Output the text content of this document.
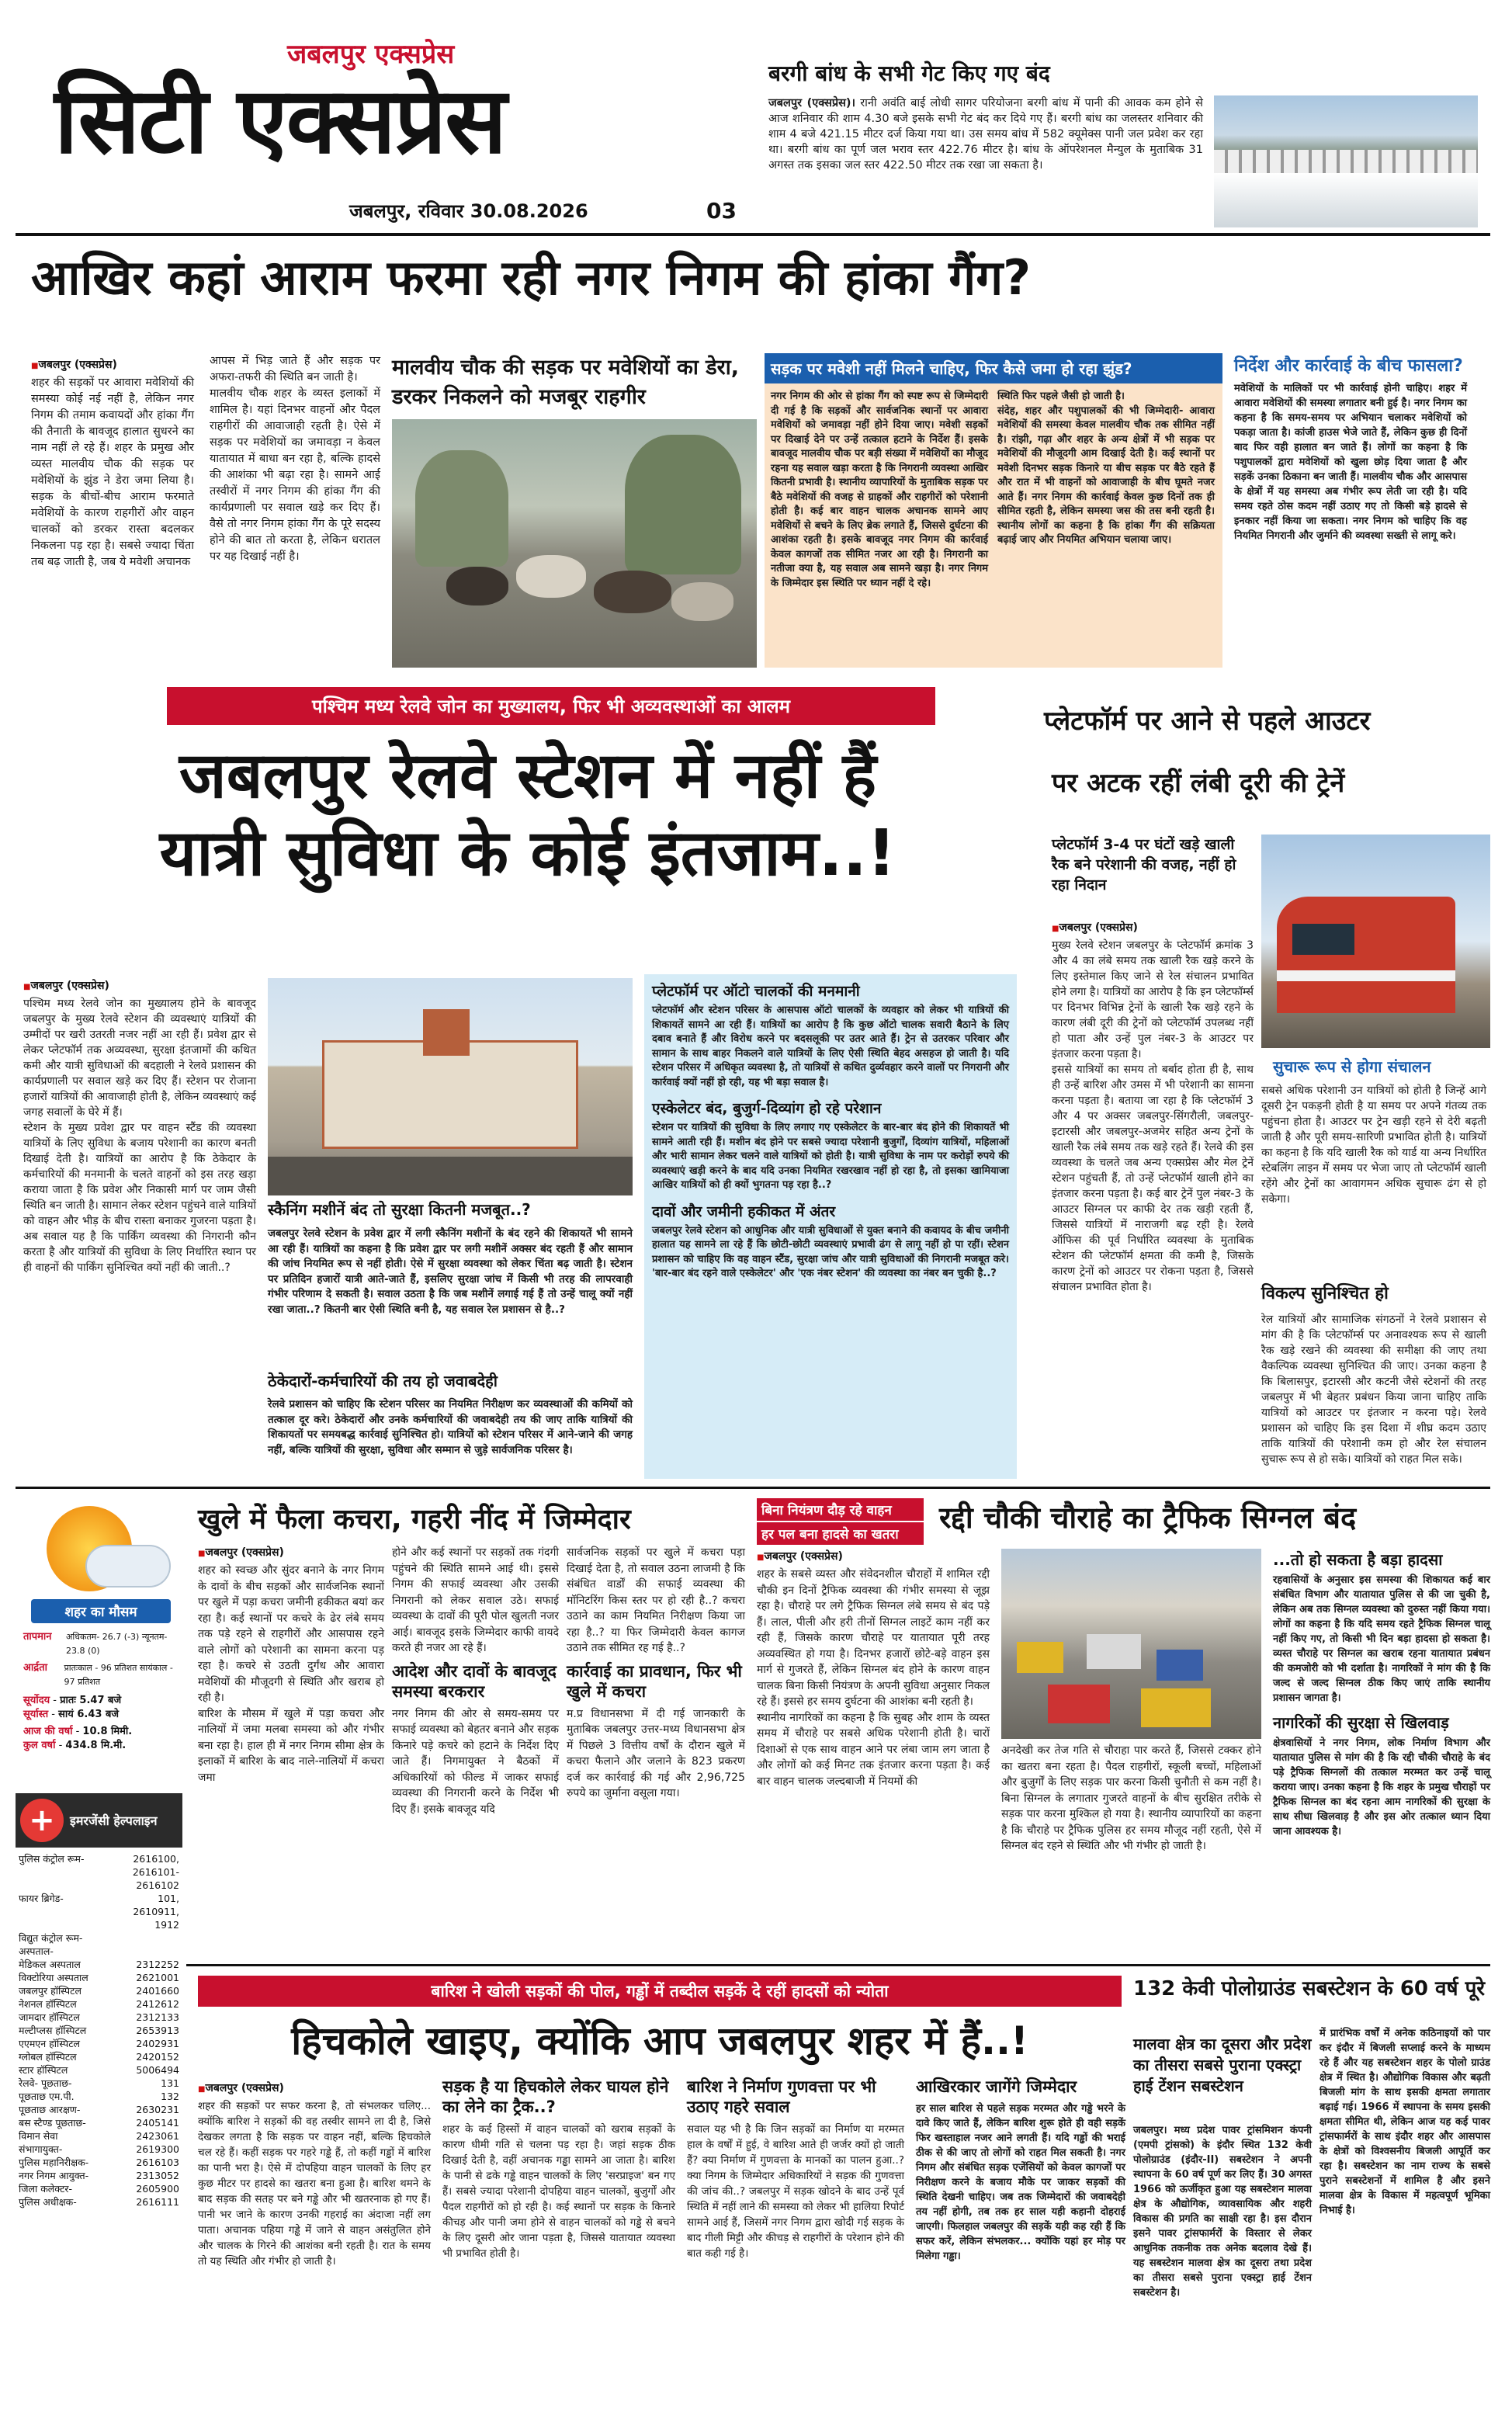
जबलपुर एक्सप्रेस
सिटी एक्सप्रेस
जबलपुर, रविवार 30.08.2026	03
बरगी बांध के सभी गेट किए गए बंद
जबलपुर (एक्सप्रेस)। रानी अवंति बाई लोधी सागर परियोजना बरगी बांध में पानी की आवक कम होने से आज शनिवार की शाम 4.30 बजे इसके सभी गेट बंद कर दिये गए हैं। बरगी बांध का जलस्तर शनिवार की शाम 4 बजे 421.15 मीटर दर्ज किया गया था। उस समय बांध में 582 क्यूमेक्स पानी जल प्रवेश कर रहा था। बरगी बांध का पूर्ण जल भराव स्तर 422.76 मीटर है। बांध के ऑपरेशनल मैन्युल के मुताबिक 31 अगस्त तक इसका जल स्तर 422.50 मीटर तक रखा जा सकता है।
आखिर कहां आराम फरमा रही नगर निगम की हांका गैंग?
■ जबलपुर (एक्सप्रेस)
शहर की सड़कों पर आवारा मवेशियों की समस्या कोई नई नहीं है, लेकिन नगर निगम की तमाम कवायदों और हांका गैंग की तैनाती के बावजूद हालात सुधरने का नाम नहीं ले रहे हैं। शहर के प्रमुख और व्यस्त मालवीय चौक की सड़क पर मवेशियों के झुंड ने डेरा जमा लिया है। सड़क के बीचों-बीच आराम फरमाते मवेशियों के कारण राहगीरों और वाहन चालकों को डरकर रास्ता बदलकर निकलना पड़ रहा है। सबसे ज्यादा चिंता तब बढ़ जाती है, जब ये मवेशी अचानक
आपस में भिड़ जाते हैं और सड़क पर अफरा-तफरी की स्थिति बन जाती है।
मालवीय चौक शहर के व्यस्त इलाकों में शामिल है। यहां दिनभर वाहनों और पैदल राहगीरों की आवाजाही रहती है। ऐसे में सड़क पर मवेशियों का जमावड़ा न केवल यातायात में बाधा बन रहा है, बल्कि हादसे की आशंका भी बढ़ा रहा है। सामने आई तस्वीरों में नगर निगम की हांका गैंग की कार्यप्रणाली पर सवाल खड़े कर दिए हैं। वैसे तो नगर निगम हांका गैंग के पूरे सदस्य होने की बात तो करता है, लेकिन धरातल पर यह दिखाई नहीं है।
मालवीय चौक की सड़क पर मवेशियों का डेरा, डरकर निकलने को मजबूर राहगीर
सड़क पर मवेशी नहीं मिलने चाहिए, फिर कैसे जमा हो रहा झुंड?
नगर निगम की ओर से हांका गैंग को स्पष्ट रूप से जिम्मेदारी दी गई है कि सड़कों और सार्वजनिक स्थानों पर आवारा मवेशियों को जमावड़ा नहीं होने दिया जाए। मवेशी सड़कों पर दिखाई देने पर उन्हें तत्काल हटाने के निर्देश हैं। इसके बावजूद मालवीय चौक पर बड़ी संख्या में मवेशियों का मौजूद रहना यह सवाल खड़ा करता है कि निगरानी व्यवस्था आखिर कितनी प्रभावी है। स्थानीय व्यापारियों के मुताबिक सड़क पर बैठे मवेशियों की वजह से ग्राहकों और राहगीरों को परेशानी होती है। कई बार वाहन चालक अचानक सामने आए मवेशियों से बचने के लिए ब्रेक लगाते हैं, जिससे दुर्घटना की आशंका रहती है। इसके बावजूद नगर निगम की कार्रवाई केवल कागजों तक सीमित नजर आ रही है। निगरानी का नतीजा क्या है, यह सवाल अब सामने खड़ा है। नगर निगम के जिम्मेदार इस स्थिति पर ध्यान नहीं दे रहे।
स्थिति फिर पहले जैसी हो जाती है।
संदेह, शहर और पशुपालकों की भी जिम्मेदारी- आवारा मवेशियों की समस्या केवल मालवीय चौक तक सीमित नहीं है। रांझी, गढ़ा और शहर के अन्य क्षेत्रों में भी सड़क पर मवेशियों की मौजूदगी आम दिखाई देती है। कई स्थानों पर मवेशी दिनभर सड़क किनारे या बीच सड़क पर बैठे रहते हैं और रात में भी वाहनों को आवाजाही के बीच घूमते नजर आते हैं। नगर निगम की कार्रवाई केवल कुछ दिनों तक ही सीमित रहती है, लेकिन समस्या जस की तस बनी रहती है। स्थानीय लोगों का कहना है कि हांका गैंग की सक्रियता बढ़ाई जाए और नियमित अभियान चलाया जाए।
निर्देश और कार्रवाई के बीच फासला?
मवेशियों के मालिकों पर भी कार्रवाई होनी चाहिए। शहर में आवारा मवेशियों की समस्या लगातार बनी हुई है। नगर निगम का कहना है कि समय-समय पर अभियान चलाकर मवेशियों को पकड़ा जाता है। कांजी हाउस भेजे जाते हैं, लेकिन कुछ ही दिनों बाद फिर वही हालात बन जाते हैं। लोगों का कहना है कि पशुपालकों द्वारा मवेशियों को खुला छोड़ दिया जाता है और सड़कें उनका ठिकाना बन जाती हैं। मालवीय चौक और आसपास के क्षेत्रों में यह समस्या अब गंभीर रूप लेती जा रही है। यदि समय रहते ठोस कदम नहीं उठाए गए तो किसी बड़े हादसे से इनकार नहीं किया जा सकता। नगर निगम को चाहिए कि वह नियमित निगरानी और जुर्माने की व्यवस्था सख्ती से लागू करे।
पश्चिम मध्य रेलवे जोन का मुख्यालय, फिर भी अव्यवस्थाओं का आलम
जबलपुर रेलवे स्टेशन में नहीं हैं
यात्री सुविधा के कोई इंतजाम..!
■ जबलपुर (एक्सप्रेस)
पश्चिम मध्य रेलवे जोन का मुख्यालय होने के बावजूद जबलपुर के मुख्य रेलवे स्टेशन की व्यवस्थाएं यात्रियों की उम्मीदों पर खरी उतरती नजर नहीं आ रही हैं। प्रवेश द्वार से लेकर प्लेटफॉर्म तक अव्यवस्था, सुरक्षा इंतजामों की कथित कमी और यात्री सुविधाओं की बदहाली ने रेलवे प्रशासन की कार्यप्रणाली पर सवाल खड़े कर दिए हैं। स्टेशन पर रोजाना हजारों यात्रियों की आवाजाही होती है, लेकिन व्यवस्थाएं कई जगह सवालों के घेरे में हैं।
स्टेशन के मुख्य प्रवेश द्वार पर वाहन स्टैंड की व्यवस्था यात्रियों के लिए सुविधा के बजाय परेशानी का कारण बनती दिखाई देती है। यात्रियों का आरोप है कि ठेकेदार के कर्मचारियों की मनमानी के चलते वाहनों को इस तरह खड़ा कराया जाता है कि प्रवेश और निकासी मार्ग पर जाम जैसी स्थिति बन जाती है। सामान लेकर स्टेशन पहुंचने वाले यात्रियों को वाहन और भीड़ के बीच रास्ता बनाकर गुजरना पड़ता है। अब सवाल यह है कि पार्किंग व्यवस्था की निगरानी कौन करता है और यात्रियों की सुविधा के लिए निर्धारित स्थान पर ही वाहनों की पार्किंग सुनिश्चित क्यों नहीं की जाती..?
स्कैनिंग मशीनें बंद तो सुरक्षा कितनी मजबूत..?
जबलपुर रेलवे स्टेशन के प्रवेश द्वार में लगी स्कैनिंग मशीनों के बंद रहने की शिकायतें भी सामने आ रही हैं। यात्रियों का कहना है कि प्रवेश द्वार पर लगी मशीनें अक्सर बंद रहती हैं और सामान की जांच नियमित रूप से नहीं होती। ऐसे में सुरक्षा व्यवस्था को लेकर चिंता बढ़ जाती है। स्टेशन पर प्रतिदिन हजारों यात्री आते-जाते हैं, इसलिए सुरक्षा जांच में किसी भी तरह की लापरवाही गंभीर परिणाम दे सकती है। सवाल उठता है कि जब मशीनें लगाई गई हैं तो उन्हें चालू क्यों नहीं रखा जाता..? कितनी बार ऐसी स्थिति बनी है, यह सवाल रेल प्रशासन से है..?
ठेकेदारों-कर्मचारियों की तय हो जवाबदेही
रेलवे प्रशासन को चाहिए कि स्टेशन परिसर का नियमित निरीक्षण कर व्यवस्थाओं की कमियों को तत्काल दूर करे। ठेकेदारों और उनके कर्मचारियों की जवाबदेही तय की जाए ताकि यात्रियों की शिकायतों पर समयबद्ध कार्रवाई सुनिश्चित हो। यात्रियों को स्टेशन परिसर में आने-जाने की जगह नहीं, बल्कि यात्रियों की सुरक्षा, सुविधा और सम्मान से जुड़े सार्वजनिक परिसर है।
प्लेटफॉर्म पर ऑटो चालकों की मनमानी
प्लेटफॉर्म और स्टेशन परिसर के आसपास ऑटो चालकों के व्यवहार को लेकर भी यात्रियों की शिकायतें सामने आ रही हैं। यात्रियों का आरोप है कि कुछ ऑटो चालक सवारी बैठाने के लिए दबाव बनाते हैं और विरोध करने पर बदसलूकी पर उतर आते हैं। ट्रेन से उतरकर परिवार और सामान के साथ बाहर निकलने वाले यात्रियों के लिए ऐसी स्थिति बेहद असहज हो जाती है। यदि स्टेशन परिसर में अधिकृत व्यवस्था है, तो यात्रियों से कथित दुर्व्यवहार करने वालों पर निगरानी और कार्रवाई क्यों नहीं हो रही, यह भी बड़ा सवाल है।
एस्केलेटर बंद, बुजुर्ग-दिव्यांग हो रहे परेशान
स्टेशन पर यात्रियों की सुविधा के लिए लगाए गए एस्केलेटर के बार-बार बंद होने की शिकायतें भी सामने आती रही हैं। मशीन बंद होने पर सबसे ज्यादा परेशानी बुजुर्गों, दिव्यांग यात्रियों, महिलाओं और भारी सामान लेकर चलने वाले यात्रियों को होती है। यात्री सुविधा के नाम पर करोड़ों रुपये की व्यवस्थाएं खड़ी करने के बाद यदि उनका नियमित रखरखाव नहीं हो रहा है, तो इसका खामियाजा आखिर यात्रियों को ही क्यों भुगतना पड़ रहा है..?
दावों और जमीनी हकीकत में अंतर
जबलपुर रेलवे स्टेशन को आधुनिक और यात्री सुविधाओं से युक्त बनाने की कवायद के बीच जमीनी हालात यह सामने ला रहे हैं कि छोटी-छोटी व्यवस्थाएं प्रभावी ढंग से लागू नहीं हो पा रहीं। स्टेशन प्रशासन को चाहिए कि वह वाहन स्टैंड, सुरक्षा जांच और यात्री सुविधाओं की निगरानी मजबूत करे। 'बार-बार बंद रहने वाले एस्केलेटर' और 'एक नंबर स्टेशन' की व्यवस्था का नंबर बन चुकी है..?
प्लेटफॉर्म पर आने से पहले आउटर
पर अटक रहीं लंबी दूरी की ट्रेनें
प्लेटफॉर्म 3-4 पर घंटों खड़े खाली रैक बने परेशानी की वजह, नहीं हो रहा निदान
■ जबलपुर (एक्सप्रेस)
मुख्य रेलवे स्टेशन जबलपुर के प्लेटफॉर्म क्रमांक 3 और 4 का लंबे समय तक खाली रैक खड़े करने के लिए इस्तेमाल किए जाने से रेल संचालन प्रभावित होने लगा है। यात्रियों का आरोप है कि इन प्लेटफॉर्म्स पर दिनभर विभिन्न ट्रेनों के खाली रैक खड़े रहने के कारण लंबी दूरी की ट्रेनों को प्लेटफॉर्म उपलब्ध नहीं हो पाता और उन्हें पुल नंबर-3 के आउटर पर इंतजार करना पड़ता है।
इससे यात्रियों का समय तो बर्बाद होता ही है, साथ ही उन्हें बारिश और उमस में भी परेशानी का सामना करना पड़ता है। बताया जा रहा है कि प्लेटफॉर्म 3 और 4 पर अक्सर जबलपुर-सिंगरौली, जबलपुर-इटारसी और जबलपुर-अजमेर सहित अन्य ट्रेनों के खाली रैक लंबे समय तक खड़े रहते हैं। रेलवे की इस व्यवस्था के चलते जब अन्य एक्सप्रेस और मेल ट्रेनें स्टेशन पहुंचती हैं, तो उन्हें प्लेटफॉर्म खाली होने का इंतजार करना पड़ता है। कई बार ट्रेनें पुल नंबर-3 के आउटर सिग्नल पर काफी देर तक खड़ी रहती हैं, जिससे यात्रियों में नाराजगी बढ़ रही है। रेलवे ऑफिस की पूर्व निर्धारित व्यवस्था के मुताबिक स्टेशन की प्लेटफॉर्म क्षमता की कमी है, जिसके कारण ट्रेनों को आउटर पर रोकना पड़ता है, जिससे संचालन प्रभावित होता है।
सुचारू रूप से होगा संचालन
सबसे अधिक परेशानी उन यात्रियों को होती है जिन्हें आगे दूसरी ट्रेन पकड़नी होती है या समय पर अपने गंतव्य तक पहुंचना होता है। आउटर पर ट्रेन खड़ी रहने से देरी बढ़ती जाती है और पूरी समय-सारिणी प्रभावित होती है। यात्रियों का कहना है कि यदि खाली रैक को यार्ड या अन्य निर्धारित स्टेबलिंग लाइन में समय पर भेजा जाए तो प्लेटफॉर्म खाली रहेंगे और ट्रेनों का आवागमन अधिक सुचारू ढंग से हो सकेगा।
विकल्प सुनिश्चित हो
रेल यात्रियों और सामाजिक संगठनों ने रेलवे प्रशासन से मांग की है कि प्लेटफॉर्म्स पर अनावश्यक रूप से खाली रैक खड़े रखने की व्यवस्था की समीक्षा की जाए तथा वैकल्पिक व्यवस्था सुनिश्चित की जाए। उनका कहना है कि बिलासपुर, इटारसी और कटनी जैसे स्टेशनों की तरह जबलपुर में भी बेहतर प्रबंधन किया जाना चाहिए ताकि यात्रियों को आउटर पर इंतजार न करना पड़े। रेलवे प्रशासन को चाहिए कि इस दिशा में शीघ्र कदम उठाए ताकि यात्रियों की परेशानी कम हो और रेल संचालन सुचारू रूप से हो सके। यात्रियों को राहत मिल सके।
शहर का मौसम
तापमान	अधिकतम- 26.7 (-3) न्यूनतम- 23.8 (0)
आर्द्रता	प्रातःकाल - 96 प्रतिशत सायंकाल - 97 प्रतिशत
सूर्योदय - प्रातः 5.47 बजे
सूर्यास्त - सायं 6.43 बजे
आज की वर्षा - 10.8 मिमी.
कुल वर्षा - 434.8 मि.मी.
+	इमरजेंसी हेल्पलाइन
पुलिस कंट्रोल रूम-	2616100, 2616101- 2616102
फायर ब्रिगेड-	101, 2610911, 1912
विद्युत कंट्रोल रूम-
अस्पताल-
मेडिकल अस्पताल	2312252
विक्टोरिया अस्पताल	2621001
जबलपुर हॉस्पिटल	2401660
नेशनल हॉस्पिटल	2412612
जामदार हॉस्पिटल	2312133
मल्टीप्लस हॉस्पिटल	2653913
एएमएन हॉस्पिटल	2402931
ग्लोबल हॉस्पिटल	2420152
स्टार हॉस्पिटल	5006494
रेलवे- पूछताछ-	131
पूछताछ एम.पी.	132
पूछताछ आरक्षण-	2630231
बस स्टैण्ड पूछताछ-	2405141
विमान सेवा	2423061
संभागायुक्त-	2619300
पुलिस महानिरीक्षक-	2616103
नगर निगम आयुक्त-	2313052
जिला कलेक्टर-	2605900
पुलिस अधीक्षक-	2616111
खुले में फैला कचरा, गहरी नींद में जिम्मेदार
■ जबलपुर (एक्सप्रेस)
शहर को स्वच्छ और सुंदर बनाने के नगर निगम के दावों के बीच सड़कों और सार्वजनिक स्थानों पर खुले में पड़ा कचरा जमीनी हकीकत बयां कर रहा है। कई स्थानों पर कचरे के ढेर लंबे समय तक पड़े रहने से राहगीरों और आसपास रहने वाले लोगों को परेशानी का सामना करना पड़ रहा है। कचरे से उठती दुर्गंध और आवारा मवेशियों की मौजूदगी से स्थिति और खराब हो रही है।
बारिश के मौसम में खुले में पड़ा कचरा और नालियों में जमा मलबा समस्या को और गंभीर बना रहा है। हाल ही में नगर निगम सीमा क्षेत्र के इलाकों में बारिश के बाद नाले-नालियों में कचरा जमा
होने और कई स्थानों पर सड़कों तक गंदगी पहुंचने की स्थिति सामने आई थी। इससे निगम की सफाई व्यवस्था और उसकी निगरानी को लेकर सवाल उठे। सफाई व्यवस्था के दावों की पूरी पोल खुलती नजर आई। बावजूद इसके जिम्मेदार काफी वायदे करते ही नजर आ रहे हैं।
आदेश और दावों के बावजूद समस्या बरकरार
नगर निगम की ओर से समय-समय पर सफाई व्यवस्था को बेहतर बनाने और सड़क किनारे पड़े कचरे को हटाने के निर्देश दिए जाते हैं। निगमायुक्त ने बैठकों में अधिकारियों को फील्ड में जाकर सफाई व्यवस्था की निगरानी करने के निर्देश भी दिए हैं। इसके बावजूद यदि
सार्वजनिक सड़कों पर खुले में कचरा पड़ा दिखाई देता है, तो सवाल उठना लाजमी है कि संबंधित वार्डों की सफाई व्यवस्था की मॉनिटरिंग किस स्तर पर हो रही है..? कचरा उठाने का काम नियमित निरीक्षण किया जा रहा है..? या फिर जिम्मेदारी केवल कागज उठाने तक सीमित रह गई है..?
कार्रवाई का प्रावधान, फिर भी खुले में कचरा
म.प्र विधानसभा में दी गई जानकारी के मुताबिक जबलपुर उत्तर-मध्य विधानसभा क्षेत्र में पिछले 3 वित्तीय वर्षों के दौरान खुले में कचरा फैलाने और जलाने के 823 प्रकरण दर्ज कर कार्रवाई की गई और 2,96,725 रुपये का जुर्माना वसूला गया।
बिना नियंत्रण दौड़ रहे वाहन
हर पल बना हादसे का खतरा	रद्दी चौकी चौराहे का ट्रैफिक सिग्नल बंद
■ जबलपुर (एक्सप्रेस)
शहर के सबसे व्यस्त और संवेदनशील चौराहों में शामिल रद्दी चौकी इन दिनों ट्रैफिक व्यवस्था की गंभीर समस्या से जूझ रहा है। चौराहे पर लगे ट्रैफिक सिग्नल लंबे समय से बंद पड़े हैं। लाल, पीली और हरी तीनों सिग्नल लाइटें काम नहीं कर रही हैं, जिसके कारण चौराहे पर यातायात पूरी तरह अव्यवस्थित हो गया है। दिनभर हजारों छोटे-बड़े वाहन इस मार्ग से गुजरते हैं, लेकिन सिग्नल बंद होने के कारण वाहन चालक बिना किसी नियंत्रण के अपनी सुविधा अनुसार निकल रहे हैं। इससे हर समय दुर्घटना की आशंका बनी रहती है।
स्थानीय नागरिकों का कहना है कि सुबह और शाम के व्यस्त समय में चौराहे पर सबसे अधिक परेशानी होती है। चारों दिशाओं से एक साथ वाहन आने पर लंबा जाम लग जाता है और लोगों को कई मिनट तक इंतजार करना पड़ता है। कई बार वाहन चालक जल्दबाजी में नियमों की
अनदेखी कर तेज गति से चौराहा पार करते हैं, जिससे टक्कर होने का खतरा बना रहता है। पैदल राहगीरों, स्कूली बच्चों, महिलाओं और बुजुर्गों के लिए सड़क पार करना किसी चुनौती से कम नहीं है। बिना सिग्नल के लगातार गुजरते वाहनों के बीच सुरक्षित तरीके से सड़क पार करना मुश्किल हो गया है। स्थानीय व्यापारियों का कहना है कि चौराहे पर ट्रैफिक पुलिस हर समय मौजूद नहीं रहती, ऐसे में सिग्नल बंद रहने से स्थिति और भी गंभीर हो जाती है।
...तो हो सकता है बड़ा हादसा
रहवासियों के अनुसार इस समस्या की शिकायत कई बार संबंधित विभाग और यातायात पुलिस से की जा चुकी है, लेकिन अब तक सिग्नल व्यवस्था को दुरुस्त नहीं किया गया। लोगों का कहना है कि यदि समय रहते ट्रैफिक सिग्नल चालू नहीं किए गए, तो किसी भी दिन बड़ा हादसा हो सकता है। व्यस्त चौराहे पर सिग्नल का खराब रहना यातायात प्रबंधन की कमजोरी को भी दर्शाता है। नागरिकों ने मांग की है कि जल्द से जल्द सिग्नल ठीक किए जाएं ताकि स्थानीय प्रशासन जागता है।
नागरिकों की सुरक्षा से खिलवाड़
क्षेत्रवासियों ने नगर निगम, लोक निर्माण विभाग और यातायात पुलिस से मांग की है कि रद्दी चौकी चौराहे के बंद पड़े ट्रैफिक सिग्नलों की तत्काल मरम्मत कर उन्हें चालू कराया जाए। उनका कहना है कि शहर के प्रमुख चौराहों पर ट्रैफिक सिग्नल का बंद रहना आम नागरिकों की सुरक्षा के साथ सीधा खिलवाड़ है और इस ओर तत्काल ध्यान दिया जाना आवश्यक है।
बारिश ने खोली सड़कों की पोल, गड्ढों में तब्दील सड़कें दे रहीं हादसों को न्योता
हिचकोले खाइए, क्योंकि आप जबलपुर शहर में हैं..!
■ जबलपुर (एक्सप्रेस)
शहर की सड़कों पर सफर करना है, तो संभलकर चलिए... क्योंकि बारिश ने सड़कों की वह तस्वीर सामने ला दी है, जिसे देखकर लगता है कि सड़क पर वाहन नहीं, बल्कि हिचकोले चल रहे हैं। कहीं सड़क पर गहरे गड्ढे हैं, तो कहीं गड्ढों में बारिश का पानी भरा है। ऐसे में दोपहिया वाहन चालकों के लिए हर कुछ मीटर पर हादसे का खतरा बना हुआ है। बारिश थमने के बाद सड़क की सतह पर बने गड्ढे और भी खतरनाक हो गए हैं। पानी भर जाने के कारण उनकी गहराई का अंदाजा नहीं लग पाता। अचानक पहिया गड्ढे में जाने से वाहन असंतुलित होने और चालक के गिरने की आशंका बनी रहती है। रात के समय तो यह स्थिति और गंभीर हो जाती है।
सड़क है या हिचकोले लेकर घायल होने का लेने का ट्रैक..?
शहर के कई हिस्सों में वाहन चालकों को खराब सड़कों के कारण धीमी गति से चलना पड़ रहा है। जहां सड़क ठीक दिखाई देती है, वहीं अचानक गड्ढा सामने आ जाता है। बारिश के पानी से ढके गड्ढे वाहन चालकों के लिए 'सरप्राइज' बन गए हैं। सबसे ज्यादा परेशानी दोपहिया वाहन चालकों, बुजुर्गों और पैदल राहगीरों को हो रही है। कई स्थानों पर सड़क के किनारे कीचड़ और पानी जमा होने से वाहन चालकों को गड्ढे से बचने के लिए दूसरी ओर जाना पड़ता है, जिससे यातायात व्यवस्था भी प्रभावित होती है।
बारिश ने निर्माण गुणवत्ता पर भी उठाए गहरे सवाल
सवाल यह भी है कि जिन सड़कों का निर्माण या मरम्मत हाल के वर्षों में हुई, वे बारिश आते ही जर्जर क्यों हो जाती हैं? क्या निर्माण में गुणवत्ता के मानकों का पालन हुआ..? क्या निगम के जिम्मेदार अधिकारियों ने सड़क की गुणवत्ता की जांच की..? जबलपुर में सड़क खोदने के बाद उन्हें पूर्व स्थिति में नहीं लाने की समस्या को लेकर भी हालिया रिपोर्ट सामने आई हैं, जिसमें नगर निगम द्वारा खोदी गई सड़क के बाद गीली मिट्टी और कीचड़ से राहगीरों के परेशान होने की बात कही गई है।
आखिरकार जागेंगे जिम्मेदार
हर साल बारिश से पहले सड़क मरम्मत और गड्ढे भरने के दावे किए जाते हैं, लेकिन बारिश शुरू होते ही वही सड़कें फिर खस्ताहाल नजर आने लगती हैं। यदि गड्ढों की भराई ठीक से की जाए तो लोगों को राहत मिल सकती है। नगर निगम और संबंधित सड़क एजेंसियों को केवल कागजों पर निरीक्षण करने के बजाय मौके पर जाकर सड़कों की स्थिति देखनी चाहिए। जब तक जिम्मेदारों की जवाबदेही तय नहीं होगी, तब तक हर साल यही कहानी दोहराई जाएगी। फिलहाल जबलपुर की सड़कें यही कह रही हैं कि सफर करें, लेकिन संभलकर... क्योंकि यहां हर मोड़ पर मिलेगा गड्ढा।
132 केवी पोलोग्राउंड सबस्टेशन के 60 वर्ष पूरे
मालवा क्षेत्र का दूसरा और प्रदेश का तीसरा सबसे पुराना एक्स्ट्रा हाई टेंशन सबस्टेशन
जबलपुर। मध्य प्रदेश पावर ट्रांसमिशन कंपनी (एमपी ट्रांसको) के इंदौर स्थित 132 केवी पोलोग्राउंड (इंदौर-II) सबस्टेशन ने अपनी स्थापना के 60 वर्ष पूर्ण कर लिए हैं। 30 अगस्त 1966 को ऊर्जीकृत हुआ यह सबस्टेशन मालवा क्षेत्र के औद्योगिक, व्यावसायिक और शहरी विकास की प्रगति का साक्षी रहा है। इस दौरान इसने पावर ट्रांसफार्मरों के विस्तार से लेकर आधुनिक तकनीक तक अनेक बदलाव देखे हैं। यह सबस्टेशन मालवा क्षेत्र का दूसरा तथा प्रदेश का तीसरा सबसे पुराना एक्स्ट्रा हाई टेंशन सबस्टेशन है।
में प्रारंभिक वर्षों में अनेक कठिनाइयों को पार कर इंदौर में बिजली सप्लाई करने के माध्यम रहे हैं और यह सबस्टेशन शहर के पोलो ग्राउंड क्षेत्र में स्थित है। औद्योगिक विकास और बढ़ती बिजली मांग के साथ इसकी क्षमता लगातार बढ़ाई गई। 1966 में स्थापना के समय इसकी क्षमता सीमित थी, लेकिन आज यह कई पावर ट्रांसफार्मरों के साथ इंदौर शहर और आसपास के क्षेत्रों को विश्वसनीय बिजली आपूर्ति कर रहा है। सबस्टेशन का नाम राज्य के सबसे पुराने सबस्टेशनों में शामिल है और इसने मालवा क्षेत्र के विकास में महत्वपूर्ण भूमिका निभाई है।
